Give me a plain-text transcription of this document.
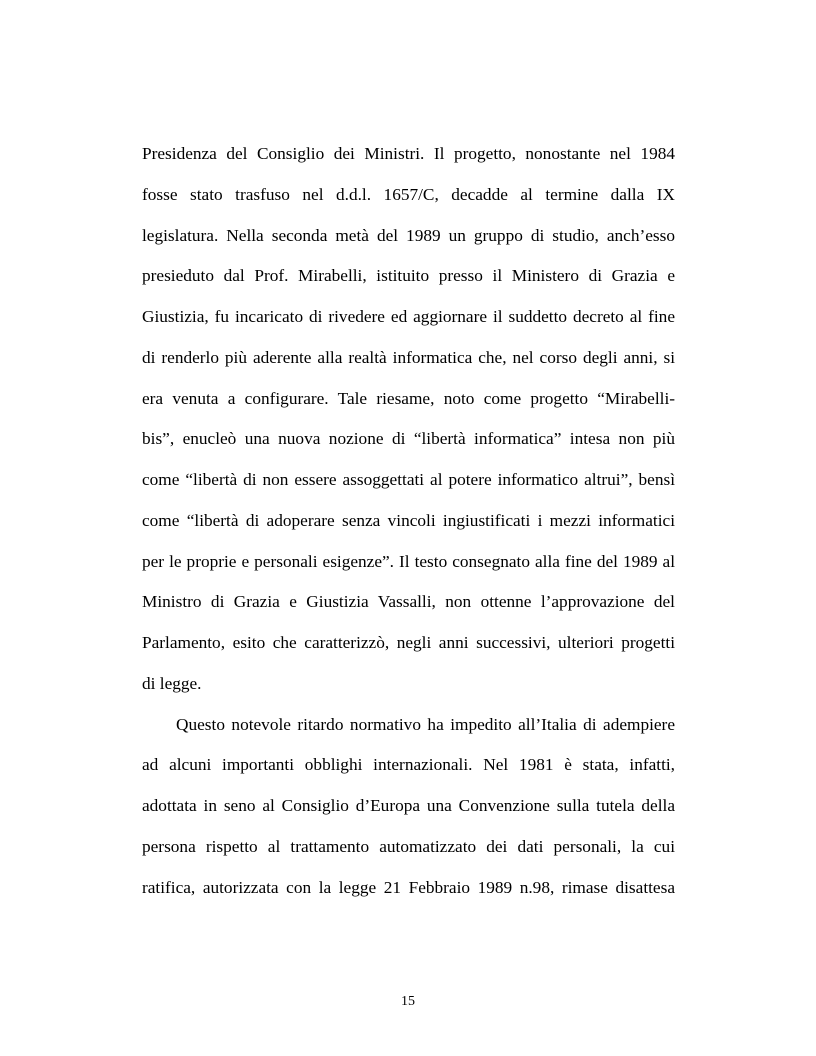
Presidenza del Consiglio dei Ministri. Il progetto, nonostante nel 1984
fosse stato trasfuso nel d.d.l. 1657/C, decadde al termine dalla IX
legislatura. Nella seconda metà del 1989 un gruppo di studio, anch’esso
presieduto dal Prof. Mirabelli, istituito presso il Ministero di Grazia e
Giustizia, fu incaricato di rivedere ed aggiornare il suddetto decreto al fine
di renderlo più aderente alla realtà informatica che, nel corso degli anni, si
era venuta a configurare. Tale riesame, noto come progetto “Mirabelli-
bis”, enucleò una nuova nozione di “libertà informatica” intesa non più
come “libertà di non essere assoggettati al potere informatico altrui”, bensì
come “libertà di adoperare senza vincoli ingiustificati i mezzi informatici
per le proprie e personali esigenze”. Il testo consegnato alla fine del 1989 al
Ministro di Grazia e Giustizia Vassalli, non ottenne l’approvazione del
Parlamento, esito che caratterizzò, negli anni successivi, ulteriori progetti
di legge.
Questo notevole ritardo normativo ha impedito all’Italia di adempiere
ad alcuni importanti obblighi internazionali. Nel 1981 è stata, infatti,
adottata in seno al Consiglio d’Europa una Convenzione sulla tutela della
persona rispetto al trattamento automatizzato dei dati personali, la cui
ratifica, autorizzata con la legge 21 Febbraio 1989 n.98, rimase disattesa
15
